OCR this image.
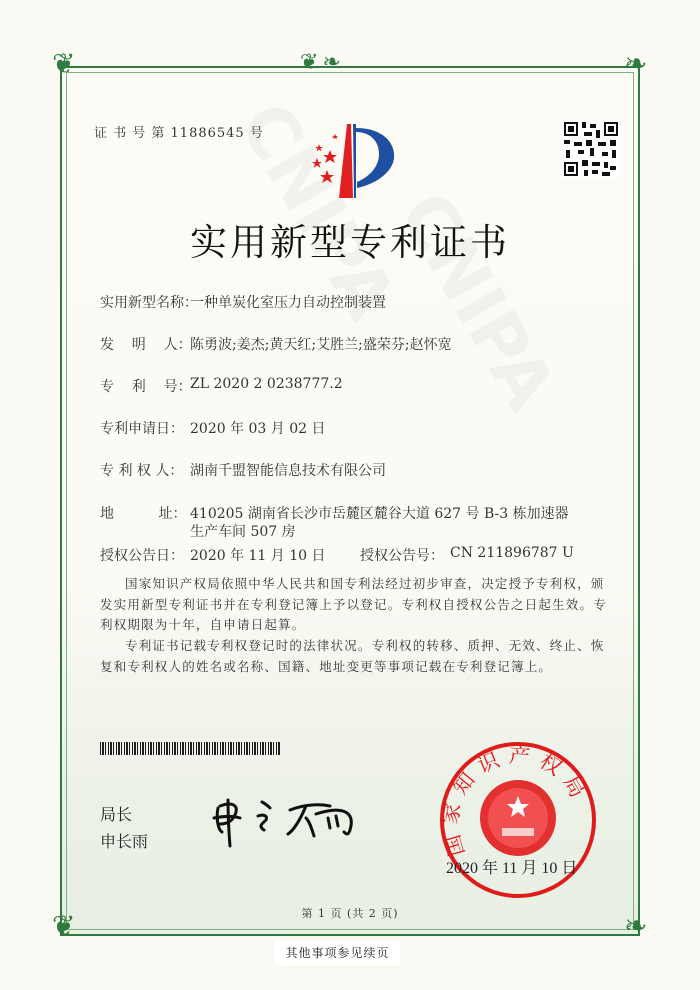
❦❧
❦	❧
❦	❧
证 书 号 第 11886545 号
实用新型专利证书
实用新型名称：
一种单炭化室压力自动控制装置
发    明    人：
陈勇波;姜杰;黄天红;艾胜兰;盛荣芬;赵怀宽
专    利    号：
ZL 2020 2 0238777.2
专利申请日： 2020 年 03 月 02 日
专 利 权 人： 湖南千盟智能信息技术有限公司
地          址： 410205 湖南省长沙市岳麓区麓谷大道 627 号 B-3 栋加速器
生产车间 507 房
授权公告日： 2020 年 11 月 10 日 授权公告号： CN 211896787 U
国家知识产权局依照中华人民共和国专利法经过初步审查，决定授予专利权，颁发实用新型专利证书并在专利登记簿上予以登记。专利权自授权公告之日起生效。专利权期限为十年，自申请日起算。
专利证书记载专利权登记时的法律状况。专利权的转移、质押、无效、终止、恢复和专利权人的姓名或名称、国籍、地址变更等事项记载在专利登记簿上。
局长
申长雨	国家知识产权局
2020 年 11 月 10 日
第 1 页 (共 2 页)
其他事项参见续页
